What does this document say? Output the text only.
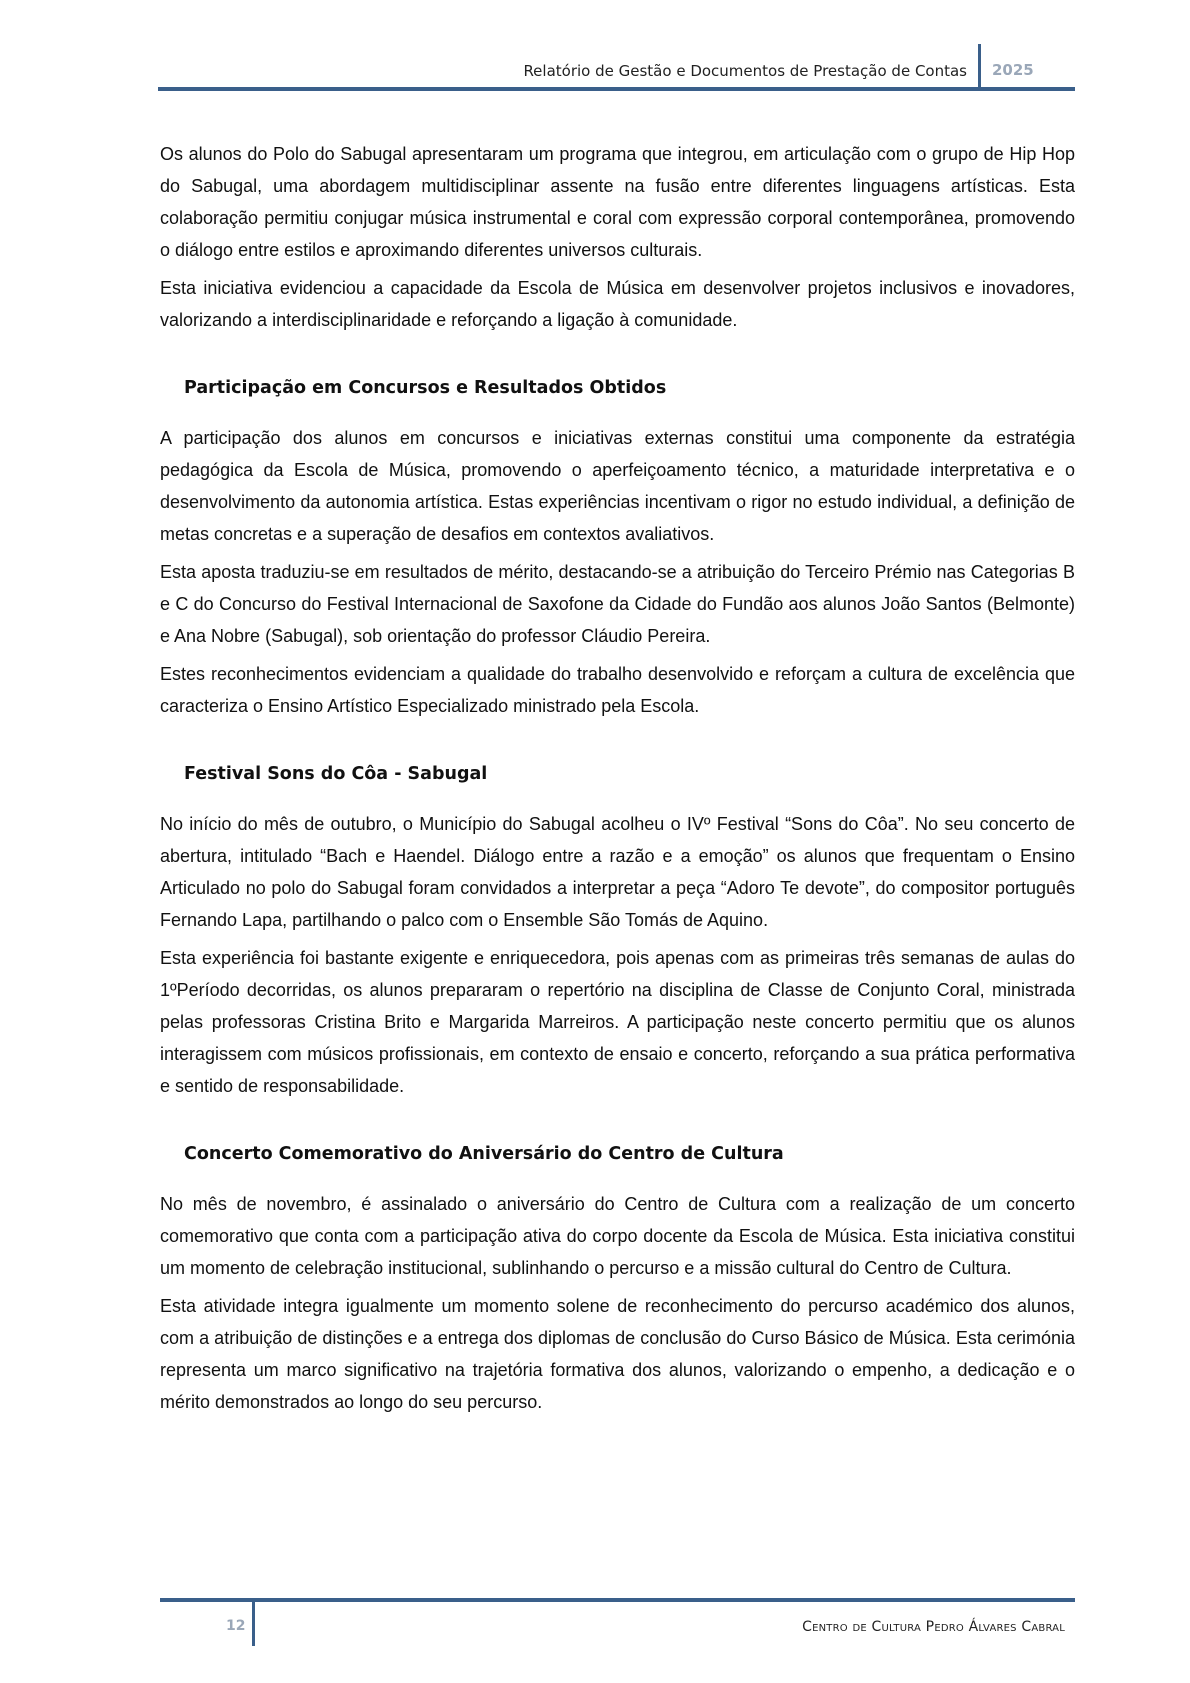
Relatório de Gestão e Documentos de Prestação de Contas 2025

Os alunos do Polo do Sabugal apresentaram um programa que integrou, em articulação com o grupo de Hip Hop do Sabugal, uma abordagem multidisciplinar assente na fusão entre diferentes linguagens artísticas. Esta colaboração permitiu conjugar música instrumental e coral com expressão corporal contemporânea, promovendo o diálogo entre estilos e aproximando diferentes universos culturais.

Esta iniciativa evidenciou a capacidade da Escola de Música em desenvolver projetos inclusivos e inovadores, valorizando a interdisciplinaridade e reforçando a ligação à comunidade.

Participação em Concursos e Resultados Obtidos

A participação dos alunos em concursos e iniciativas externas constitui uma componente da estratégia pedagógica da Escola de Música, promovendo o aperfeiçoamento técnico, a maturidade interpretativa e o desenvolvimento da autonomia artística. Estas experiências incentivam o rigor no estudo individual, a definição de metas concretas e a superação de desafios em contextos avaliativos.

Esta aposta traduziu-se em resultados de mérito, destacando-se a atribuição do Terceiro Prémio nas Categorias B e C do Concurso do Festival Internacional de Saxofone da Cidade do Fundão aos alunos João Santos (Belmonte) e Ana Nobre (Sabugal), sob orientação do professor Cláudio Pereira.

Estes reconhecimentos evidenciam a qualidade do trabalho desenvolvido e reforçam a cultura de excelência que caracteriza o Ensino Artístico Especializado ministrado pela Escola.

Festival Sons do Côa - Sabugal

No início do mês de outubro, o Município do Sabugal acolheu o IVº Festival “Sons do Côa”. No seu concerto de abertura, intitulado “Bach e Haendel. Diálogo entre a razão e a emoção” os alunos que frequentam o Ensino Articulado no polo do Sabugal foram convidados a interpretar a peça “Adoro Te devote”, do compositor português Fernando Lapa, partilhando o palco com o Ensemble São Tomás de Aquino.

Esta experiência foi bastante exigente e enriquecedora, pois apenas com as primeiras três semanas de aulas do 1ºPeríodo decorridas, os alunos prepararam o repertório na disciplina de Classe de Conjunto Coral, ministrada pelas professoras Cristina Brito e Margarida Marreiros. A participação neste concerto permitiu que os alunos interagissem com músicos profissionais, em contexto de ensaio e concerto, reforçando a sua prática performativa e sentido de responsabilidade.

Concerto Comemorativo do Aniversário do Centro de Cultura

No mês de novembro, é assinalado o aniversário do Centro de Cultura com a realização de um concerto comemorativo que conta com a participação ativa do corpo docente da Escola de Música. Esta iniciativa constitui um momento de celebração institucional, sublinhando o percurso e a missão cultural do Centro de Cultura.

Esta atividade integra igualmente um momento solene de reconhecimento do percurso académico dos alunos, com a atribuição de distinções e a entrega dos diplomas de conclusão do Curso Básico de Música. Esta cerimónia representa um marco significativo na trajetória formativa dos alunos, valorizando o empenho, a dedicação e o mérito demonstrados ao longo do seu percurso.

12	Centro de Cultura Pedro Álvares Cabral
